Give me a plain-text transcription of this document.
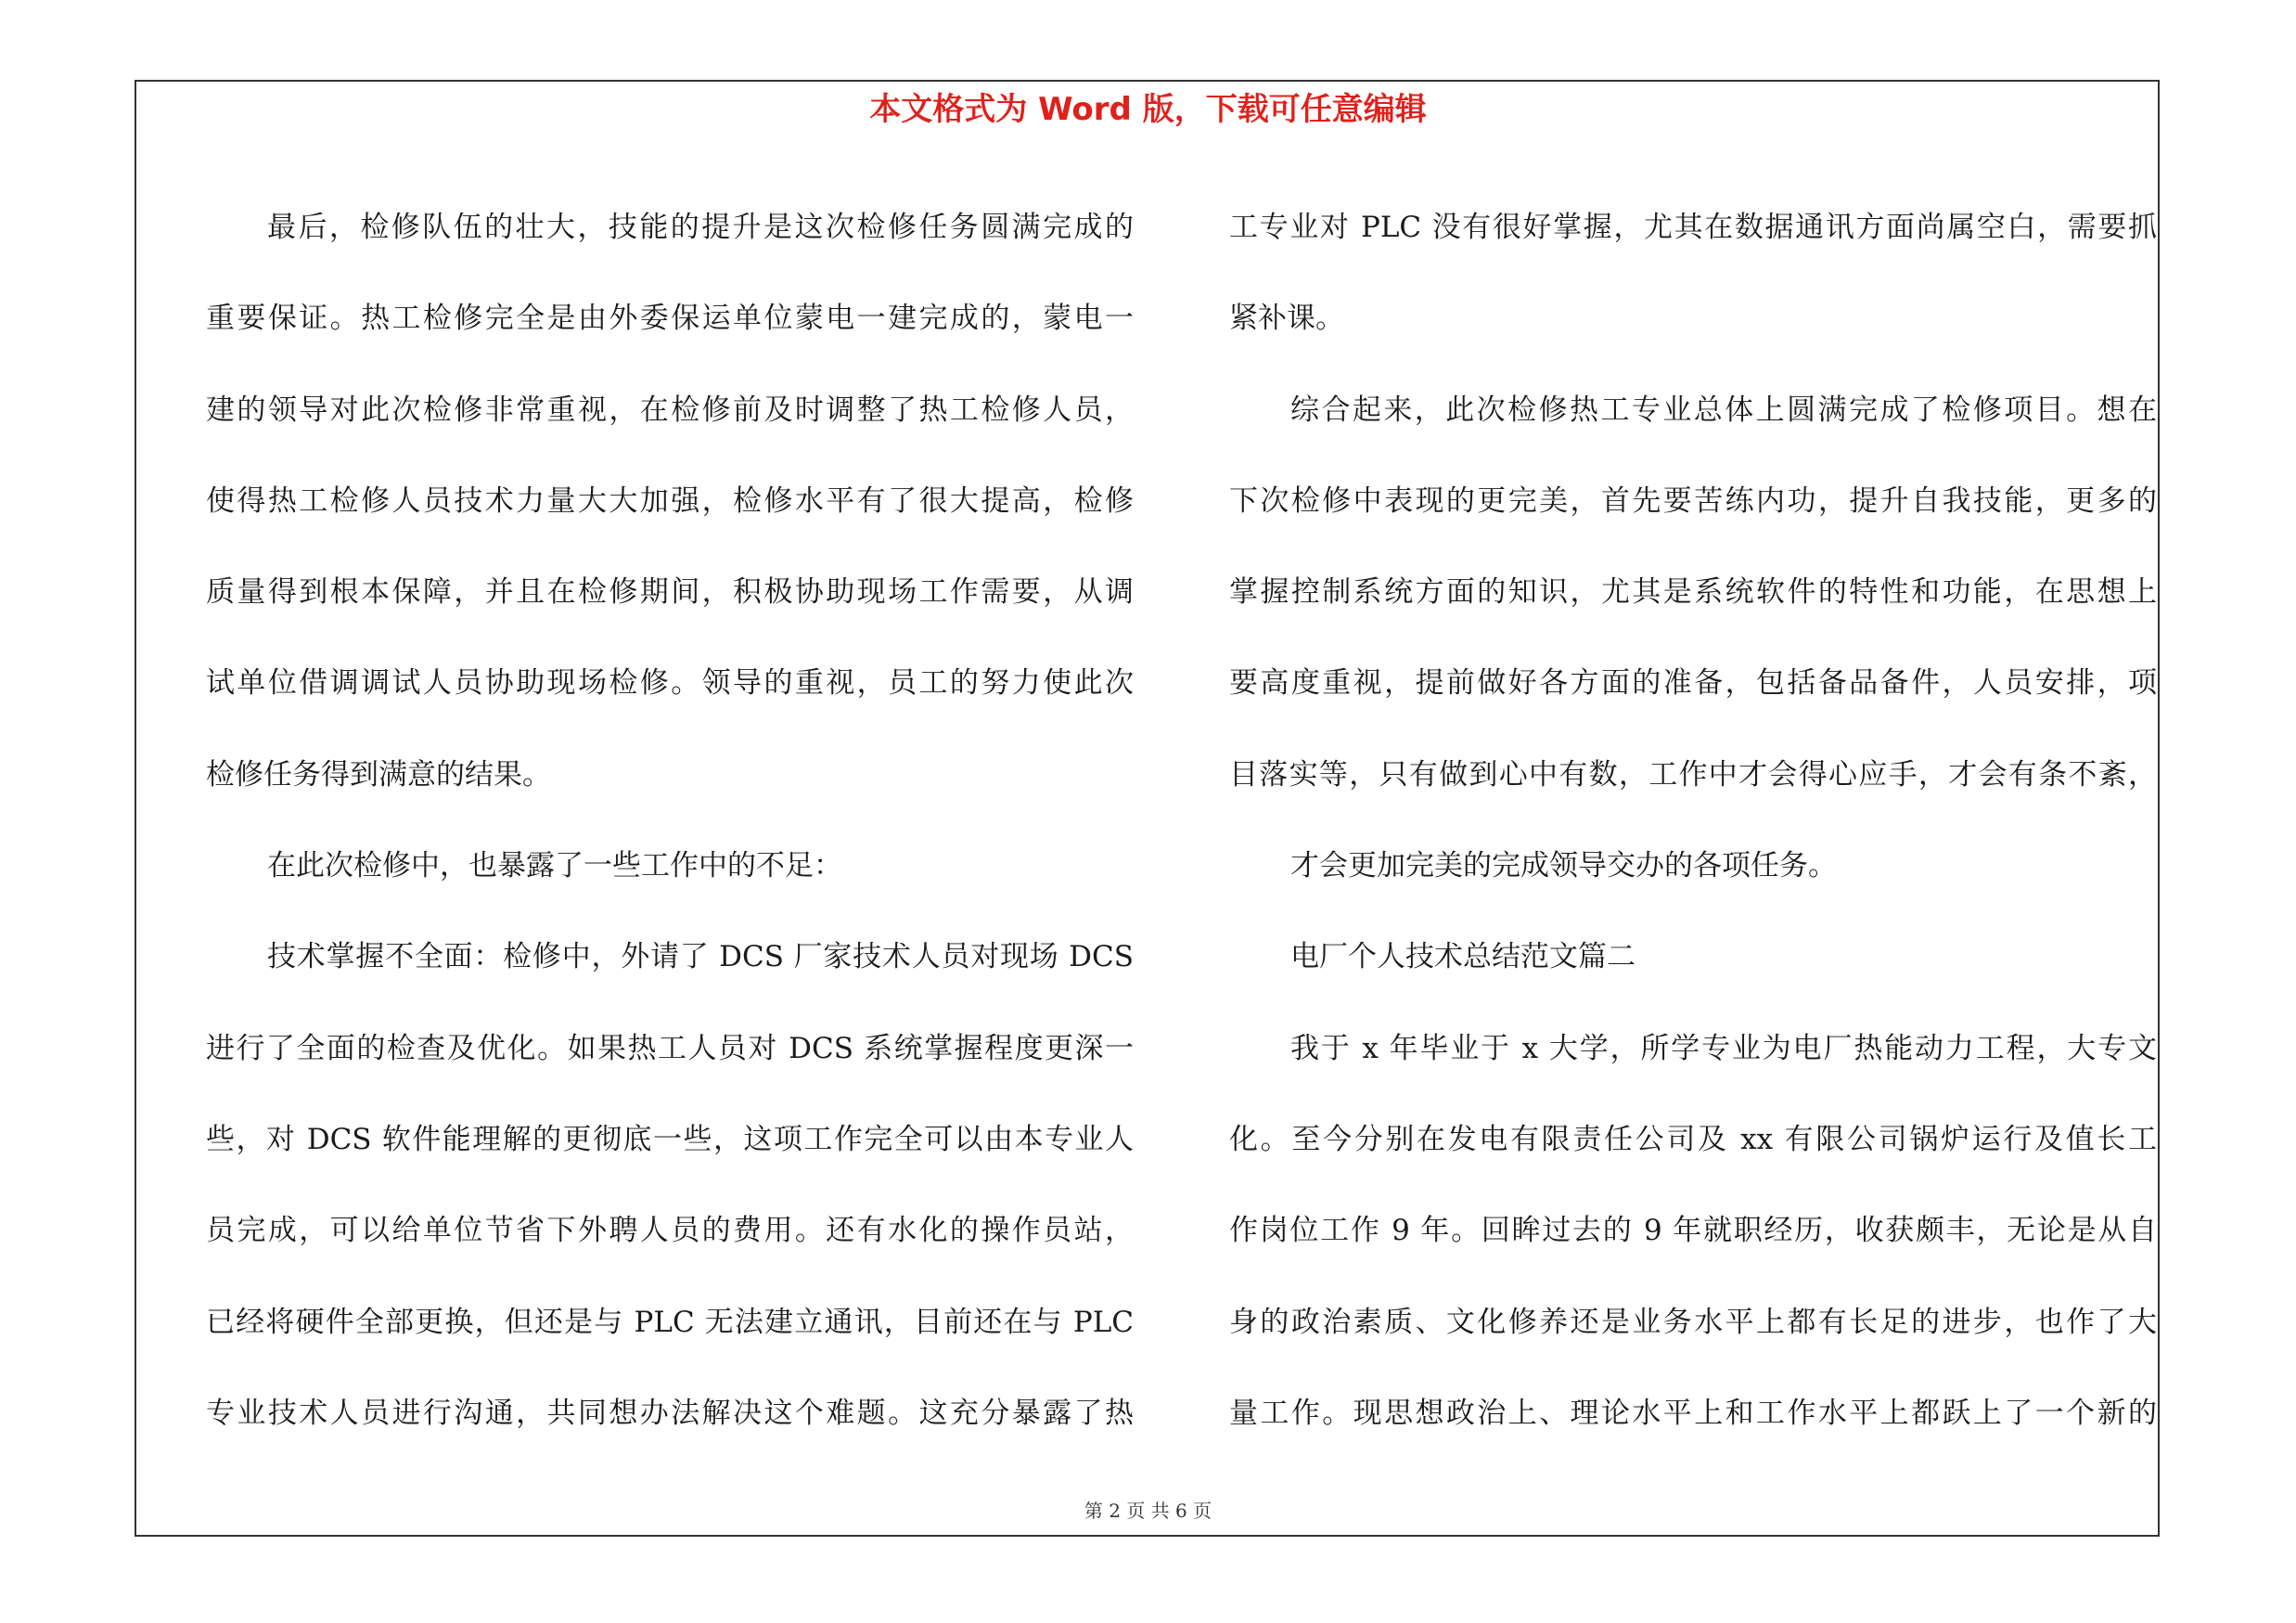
本文格式为 Word 版，下载可任意编辑
最后，检修队伍的壮大，技能的提升是这次检修任务圆满完成的
重要保证。热工检修完全是由外委保运单位蒙电一建完成的，蒙电一
建的领导对此次检修非常重视，在检修前及时调整了热工检修人员，
使得热工检修人员技术力量大大加强，检修水平有了很大提高，检修
质量得到根本保障，并且在检修期间，积极协助现场工作需要，从调
试单位借调调试人员协助现场检修。领导的重视，员工的努力使此次
检修任务得到满意的结果。
在此次检修中，也暴露了一些工作中的不足：
技术掌握不全面：检修中，外请了 DCS 厂家技术人员对现场 DCS
进行了全面的检查及优化。如果热工人员对 DCS 系统掌握程度更深一
些，对 DCS 软件能理解的更彻底一些，这项工作完全可以由本专业人
员完成，可以给单位节省下外聘人员的费用。还有水化的操作员站，
已经将硬件全部更换，但还是与 PLC 无法建立通讯，目前还在与 PLC
专业技术人员进行沟通，共同想办法解决这个难题。这充分暴露了热
工专业对 PLC 没有很好掌握，尤其在数据通讯方面尚属空白，需要抓
紧补课。
综合起来，此次检修热工专业总体上圆满完成了检修项目。想在
下次检修中表现的更完美，首先要苦练内功，提升自我技能，更多的
掌握控制系统方面的知识，尤其是系统软件的特性和功能，在思想上
要高度重视，提前做好各方面的准备，包括备品备件，人员安排，项
目落实等，只有做到心中有数，工作中才会得心应手，才会有条不紊，
才会更加完美的完成领导交办的各项任务。
电厂个人技术总结范文篇二
我于 x 年毕业于 x 大学，所学专业为电厂热能动力工程，大专文
化。至今分别在发电有限责任公司及 xx 有限公司锅炉运行及值长工
作岗位工作 9 年。回眸过去的 9 年就职经历，收获颇丰，无论是从自
身的政治素质、文化修养还是业务水平上都有长足的进步，也作了大
量工作。现思想政治上、理论水平上和工作水平上都跃上了一个新的
第 2 页 共 6 页
